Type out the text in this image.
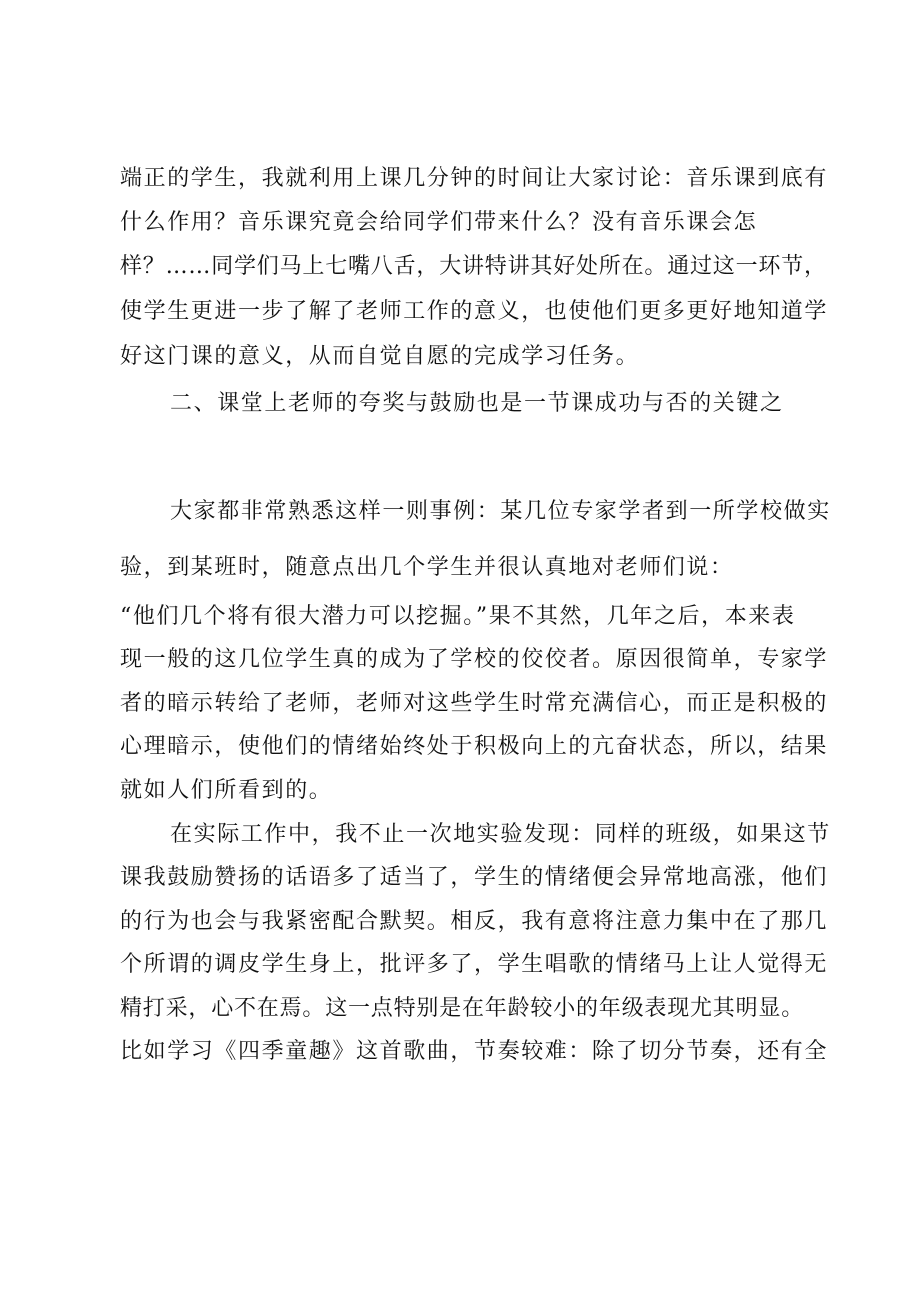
端正的学生，我就利用上课几分钟的时间让大家讨论：音乐课到底有
什么作用？音乐课究竟会给同学们带来什么？没有音乐课会怎
样？……同学们马上七嘴八舌，大讲特讲其好处所在。通过这一环节，
使学生更进一步了解了老师工作的意义，也使他们更多更好地知道学
好这门课的意义，从而自觉自愿的完成学习任务。
二、课堂上老师的夸奖与鼓励也是一节课成功与否的关键之
大家都非常熟悉这样一则事例：某几位专家学者到一所学校做实
验，到某班时，随意点出几个学生并很认真地对老师们说：
“他们几个将有很大潜力可以挖掘。”果不其然，几年之后，本来表
现一般的这几位学生真的成为了学校的佼佼者。原因很简单，专家学
者的暗示转给了老师，老师对这些学生时常充满信心，而正是积极的
心理暗示，使他们的情绪始终处于积极向上的亢奋状态，所以，结果
就如人们所看到的。
在实际工作中，我不止一次地实验发现：同样的班级，如果这节
课我鼓励赞扬的话语多了适当了，学生的情绪便会异常地高涨，他们
的行为也会与我紧密配合默契。相反，我有意将注意力集中在了那几
个所谓的调皮学生身上，批评多了，学生唱歌的情绪马上让人觉得无
精打采，心不在焉。这一点特别是在年龄较小的年级表现尤其明显。
比如学习《四季童趣》这首歌曲，节奏较难：除了切分节奏，还有全
